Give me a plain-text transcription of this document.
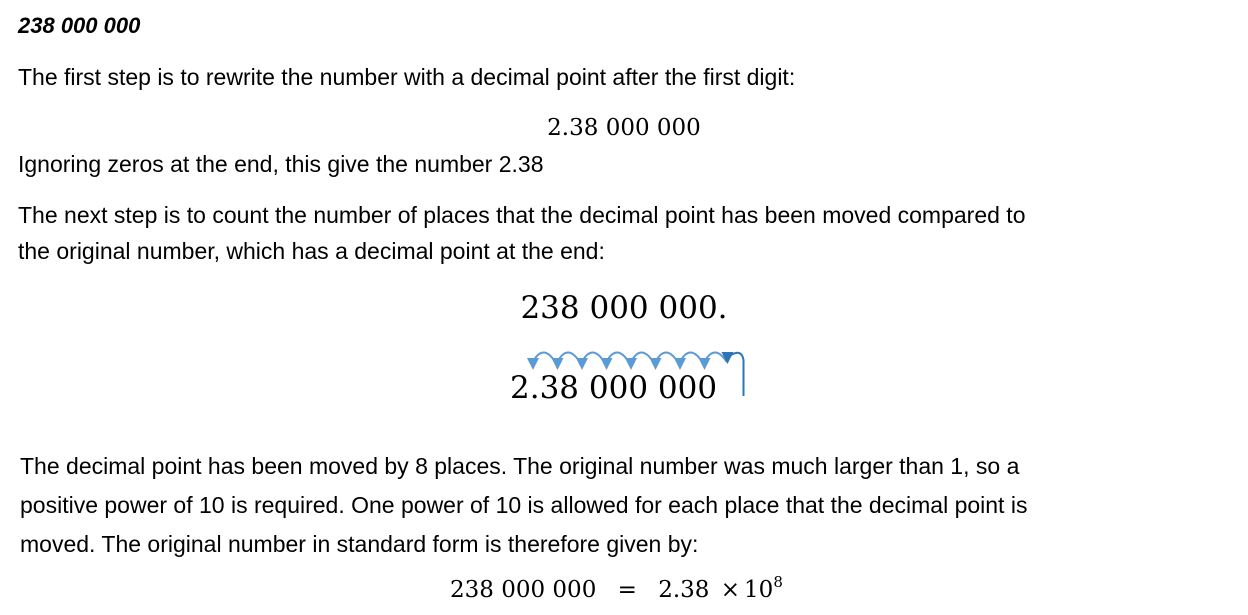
238 000 000
The first step is to rewrite the number with a decimal point after the first digit:
2.38 000 000
Ignoring zeros at the end, this give the number 2.38
The next step is to count the number of places that the decimal point has been moved compared to
the original number, which has a decimal point at the end:
238 000 000.
2.38 000 000
The decimal point has been moved by 8 places. The original number was much larger than 1, so a
positive power of 10 is required. One power of 10 is allowed for each place that the decimal point is
moved. The original number in standard form is therefore given by:
238 000 $000 = 2.38 \times 10^8$
